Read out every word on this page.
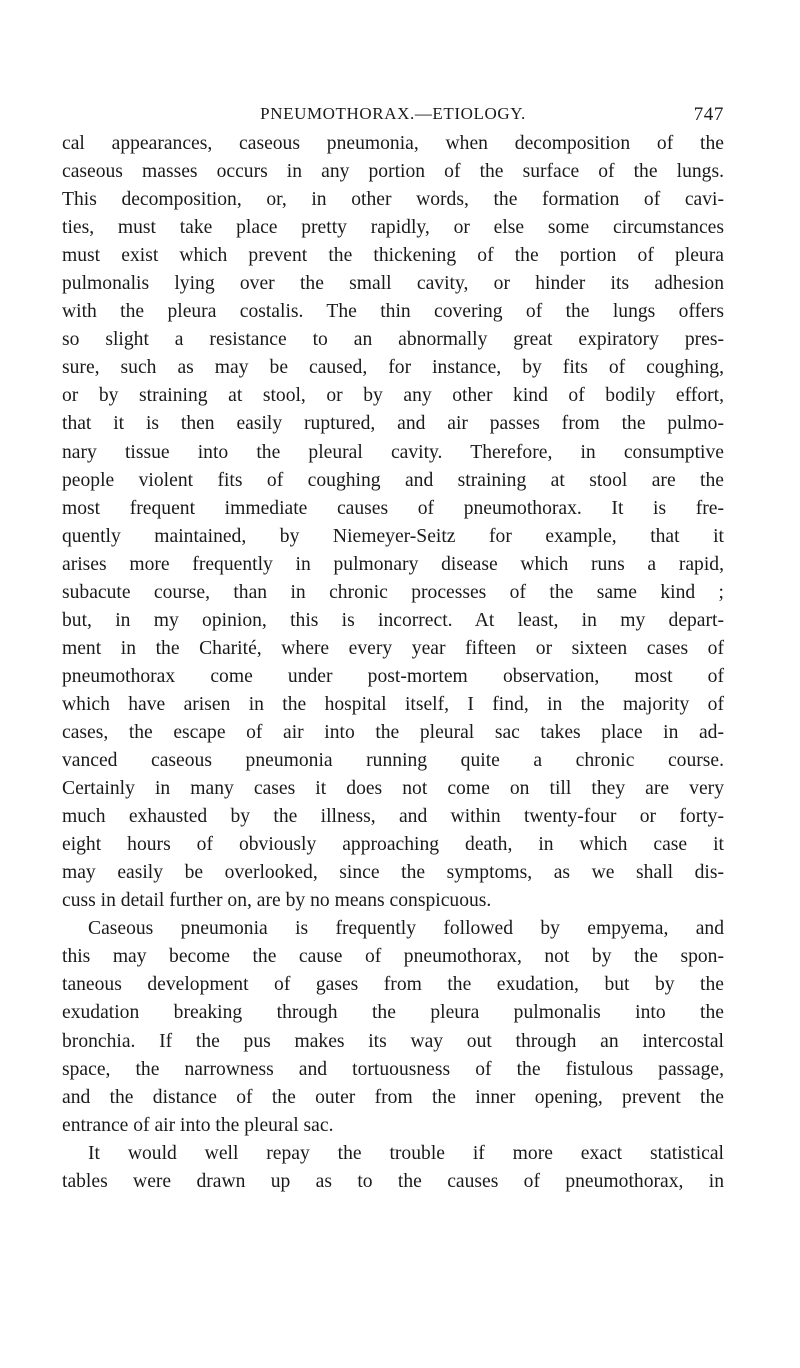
PNEUMOTHORAX.—ETIOLOGY.	747
cal appearances, caseous pneumonia, when decomposition of the
caseous masses occurs in any portion of the surface of the lungs.
This decomposition, or, in other words, the formation of cavi-
ties, must take place pretty rapidly, or else some circumstances
must exist which prevent the thickening of the portion of pleura
pulmonalis lying over the small cavity, or hinder its adhesion
with the pleura costalis. The thin covering of the lungs offers
so slight a resistance to an abnormally great expiratory pres-
sure, such as may be caused, for instance, by fits of coughing,
or by straining at stool, or by any other kind of bodily effort,
that it is then easily ruptured, and air passes from the pulmo-
nary tissue into the pleural cavity. Therefore, in consumptive
people violent fits of coughing and straining at stool are the
most frequent immediate causes of pneumothorax. It is fre-
quently maintained, by Niemeyer-Seitz for example, that it
arises more frequently in pulmonary disease which runs a rapid,
subacute course, than in chronic processes of the same kind ;
but, in my opinion, this is incorrect. At least, in my depart-
ment in the Charité, where every year fifteen or sixteen cases of
pneumothorax come under post-mortem observation, most of
which have arisen in the hospital itself, I find, in the majority of
cases, the escape of air into the pleural sac takes place in ad-
vanced caseous pneumonia running quite a chronic course.
Certainly in many cases it does not come on till they are very
much exhausted by the illness, and within twenty-four or forty-
eight hours of obviously approaching death, in which case it
may easily be overlooked, since the symptoms, as we shall dis-
cuss in detail further on, are by no means conspicuous.
Caseous pneumonia is frequently followed by empyema, and
this may become the cause of pneumothorax, not by the spon-
taneous development of gases from the exudation, but by the
exudation breaking through the pleura pulmonalis into the
bronchia. If the pus makes its way out through an intercostal
space, the narrowness and tortuousness of the fistulous passage,
and the distance of the outer from the inner opening, prevent the
entrance of air into the pleural sac.
It would well repay the trouble if more exact statistical
tables were drawn up as to the causes of pneumothorax, in
